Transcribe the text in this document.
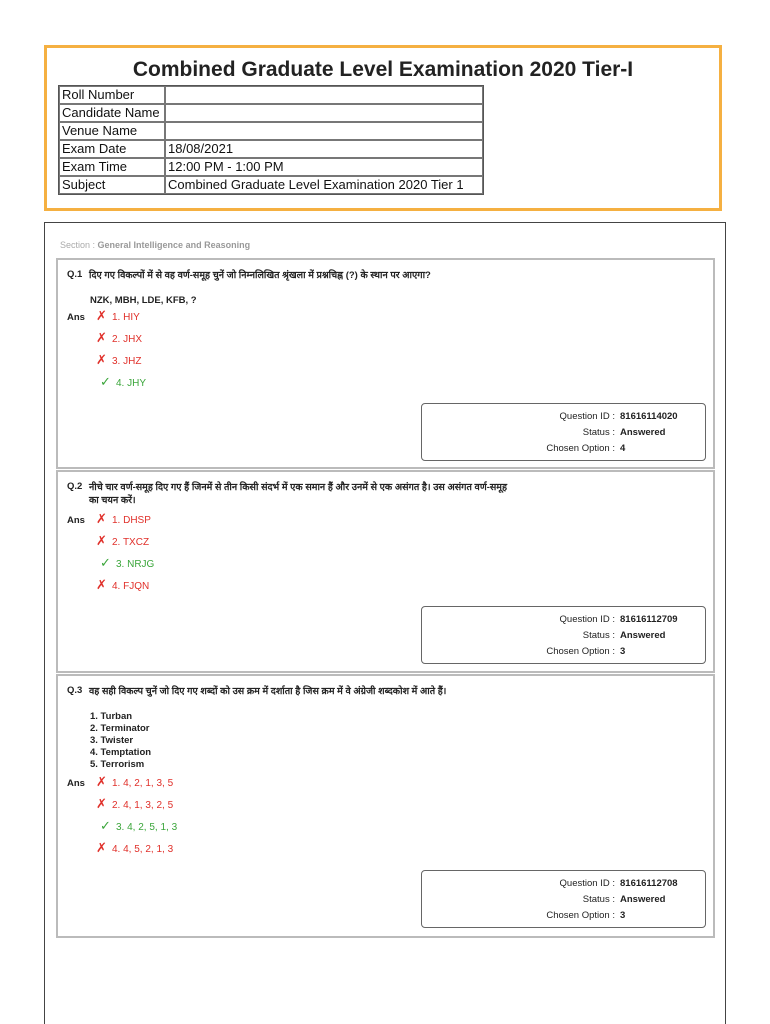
Combined Graduate Level Examination 2020 Tier-I
Roll Number	
Candidate Name	
Venue Name	
Exam Date	18/08/2021
Exam Time	12:00 PM - 1:00 PM
Subject	Combined Graduate Level Examination 2020 Tier 1
Section : General Intelligence and Reasoning
Q.1 दिए गए विकल्पों में से वह वर्ण-समूह चुनें जो निम्नलिखित श्रृंखला में प्रश्नचिह्न (?) के स्थान पर आएगा?
NZK, MBH, LDE, KFB, ?
Ans ✗ 1. HIY
✗ 2. JHX
✗ 3. JHZ
✓ 4. JHY
Question ID : 81616114020
Status : Answered
Chosen Option : 4
Q.2 नीचे चार वर्ण-समूह दिए गए हैं जिनमें से तीन किसी संदर्भ में एक समान हैं और उनमें से एक असंगत है। उस असंगत वर्ण-समूह का चयन करें।
Ans ✗ 1. DHSP
✗ 2. TXCZ
✓ 3. NRJG
✗ 4. FJQN
Question ID : 81616112709
Status : Answered
Chosen Option : 3
Q.3 वह सही विकल्प चुनें जो दिए गए शब्दों को उस क्रम में दर्शाता है जिस क्रम में वे अंग्रेजी शब्दकोश में आते हैं।
1. Turban
2. Terminator
3. Twister
4. Temptation
5. Terrorism
Ans ✗ 1. 4, 2, 1, 3, 5
✗ 2. 4, 1, 3, 2, 5
✓ 3. 4, 2, 5, 1, 3
✗ 4. 4, 5, 2, 1, 3
Question ID : 81616112708
Status : Answered
Chosen Option : 3
